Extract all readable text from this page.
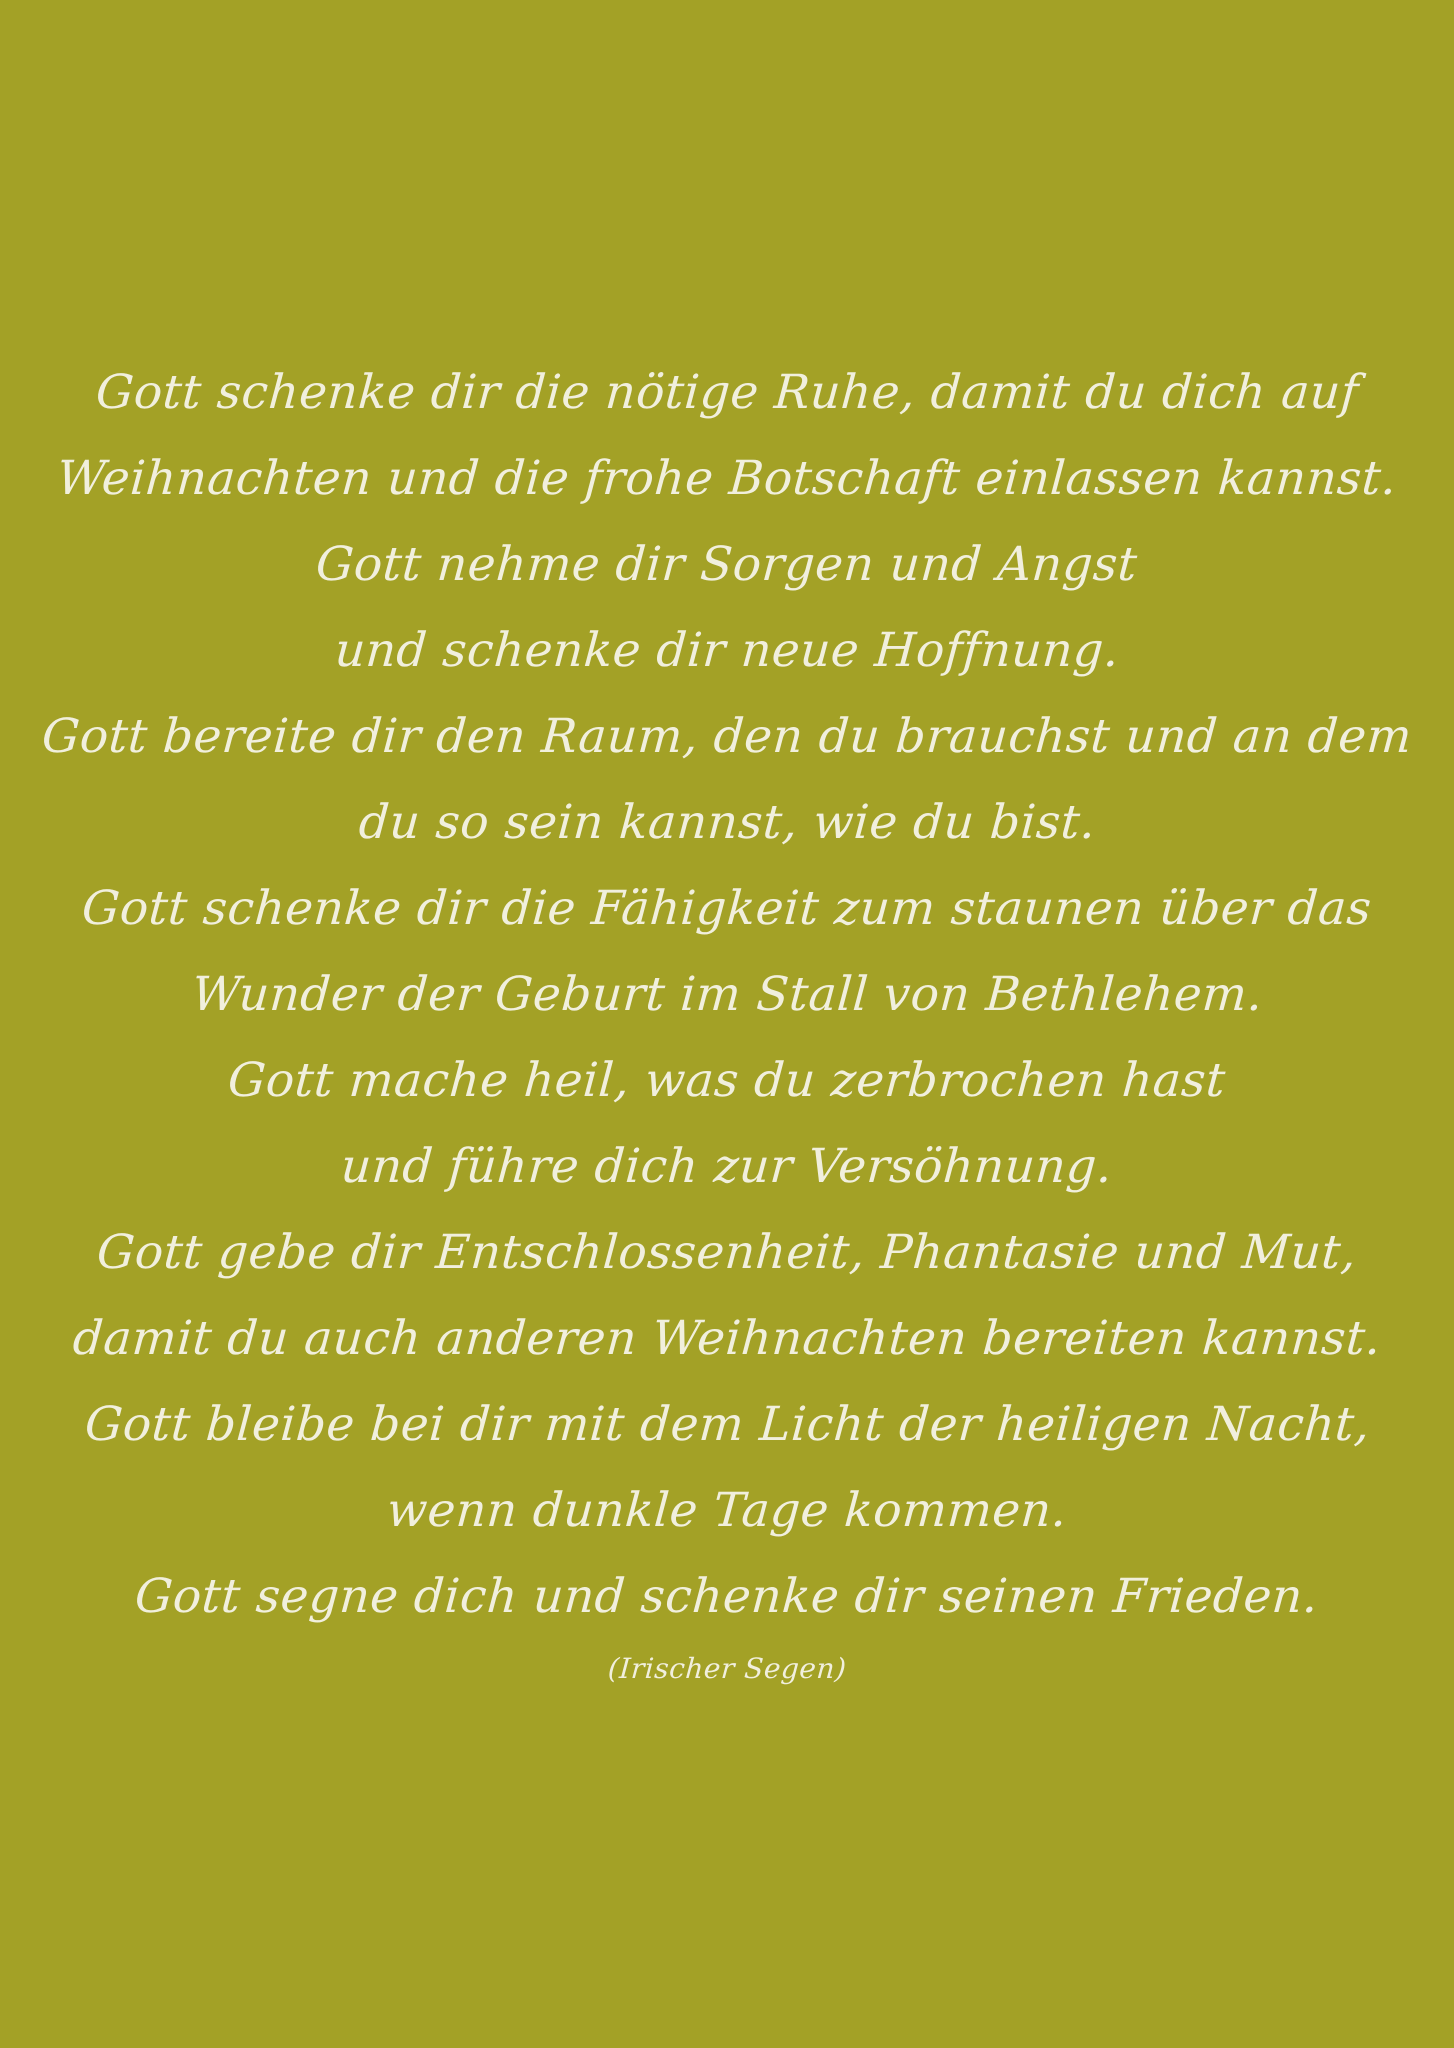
Gott schenke dir die nötige Ruhe, damit du dich auf
Weihnachten und die frohe Botschaft einlassen kannst.
Gott nehme dir Sorgen und Angst
und schenke dir neue Hoffnung.
Gott bereite dir den Raum, den du brauchst und an dem
du so sein kannst, wie du bist.
Gott schenke dir die Fähigkeit zum staunen über das
Wunder der Geburt im Stall von Bethlehem.
Gott mache heil, was du zerbrochen hast
und führe dich zur Versöhnung.
Gott gebe dir Entschlossenheit, Phantasie und Mut,
damit du auch anderen Weihnachten bereiten kannst.
Gott bleibe bei dir mit dem Licht der heiligen Nacht,
wenn dunkle Tage kommen.
Gott segne dich und schenke dir seinen Frieden.
(Irischer Segen)
